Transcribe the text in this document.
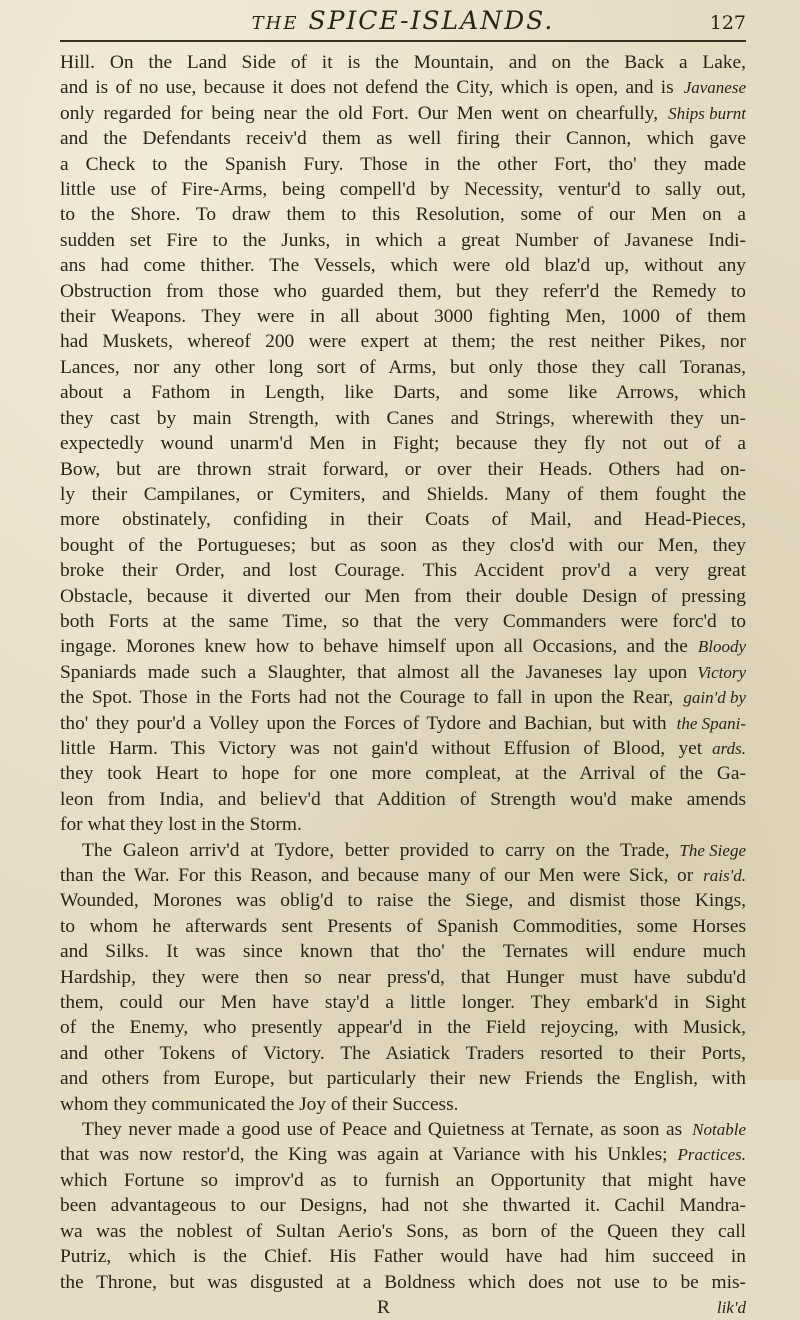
the SPICE-ISLANDS.	127
Hill. On the Land Side of it is the Mountain, and on the Back a Lake,
and is of no use, because it does not defend the City, which is open, and is Javanese
only regarded for being near the old Fort. Our Men went on chearfully, Ships burnt
and the Defendants receiv'd them as well firing their Cannon, which gave
a Check to the Spanish Fury. Those in the other Fort, tho' they made
little use of Fire-Arms, being compell'd by Necessity, ventur'd to sally out,
to the Shore. To draw them to this Resolution, some of our Men on a
sudden set Fire to the Junks, in which a great Number of Javanese Indi-
ans had come thither. The Vessels, which were old blaz'd up, without any
Obstruction from those who guarded them, but they referr'd the Remedy to
their Weapons. They were in all about 3000 fighting Men, 1000 of them
had Muskets, whereof 200 were expert at them; the rest neither Pikes, nor
Lances, nor any other long sort of Arms, but only those they call Toranas,
about a Fathom in Length, like Darts, and some like Arrows, which
they cast by main Strength, with Canes and Strings, wherewith they un-
expectedly wound unarm'd Men in Fight; because they fly not out of a
Bow, but are thrown strait forward, or over their Heads. Others had on-
ly their Campilanes, or Cymiters, and Shields. Many of them fought the
more obstinately, confiding in their Coats of Mail, and Head-Pieces,
bought of the Portugueses; but as soon as they clos'd with our Men, they
broke their Order, and lost Courage. This Accident prov'd a very great
Obstacle, because it diverted our Men from their double Design of pressing
both Forts at the same Time, so that the very Commanders were forc'd to
ingage. Morones knew how to behave himself upon all Occasions, and the Bloody
Spaniards made such a Slaughter, that almost all the Javaneses lay upon Victory
the Spot. Those in the Forts had not the Courage to fall in upon the Rear, gain'd by
tho' they pour'd a Volley upon the Forces of Tydore and Bachian, but with the Spani-
little Harm. This Victory was not gain'd without Effusion of Blood, yet ards.
they took Heart to hope for one more compleat, at the Arrival of the Ga-
leon from India, and believ'd that Addition of Strength wou'd make amends
for what they lost in the Storm.
The Galeon arriv'd at Tydore, better provided to carry on the Trade, The Siege
than the War. For this Reason, and because many of our Men were Sick, or rais'd.
Wounded, Morones was oblig'd to raise the Siege, and dismist those Kings,
to whom he afterwards sent Presents of Spanish Commodities, some Horses
and Silks. It was since known that tho' the Ternates will endure much
Hardship, they were then so near press'd, that Hunger must have subdu'd
them, could our Men have stay'd a little longer. They embark'd in Sight
of the Enemy, who presently appear'd in the Field rejoycing, with Musick,
and other Tokens of Victory. The Asiatick Traders resorted to their Ports,
and others from Europe, but particularly their new Friends the English, with
whom they communicated the Joy of their Success.
They never made a good use of Peace and Quietness at Ternate, as soon as Notable
that was now restor'd, the King was again at Variance with his Unkles; Practices.
which Fortune so improv'd as to furnish an Opportunity that might have
been advantageous to our Designs, had not she thwarted it. Cachil Mandra-
wa was the noblest of Sultan Aerio's Sons, as born of the Queen they call
Putriz, which is the Chief. His Father would have had him succeed in
the Throne, but was disgusted at a Boldness which does not use to be mis-
R	lik'd
